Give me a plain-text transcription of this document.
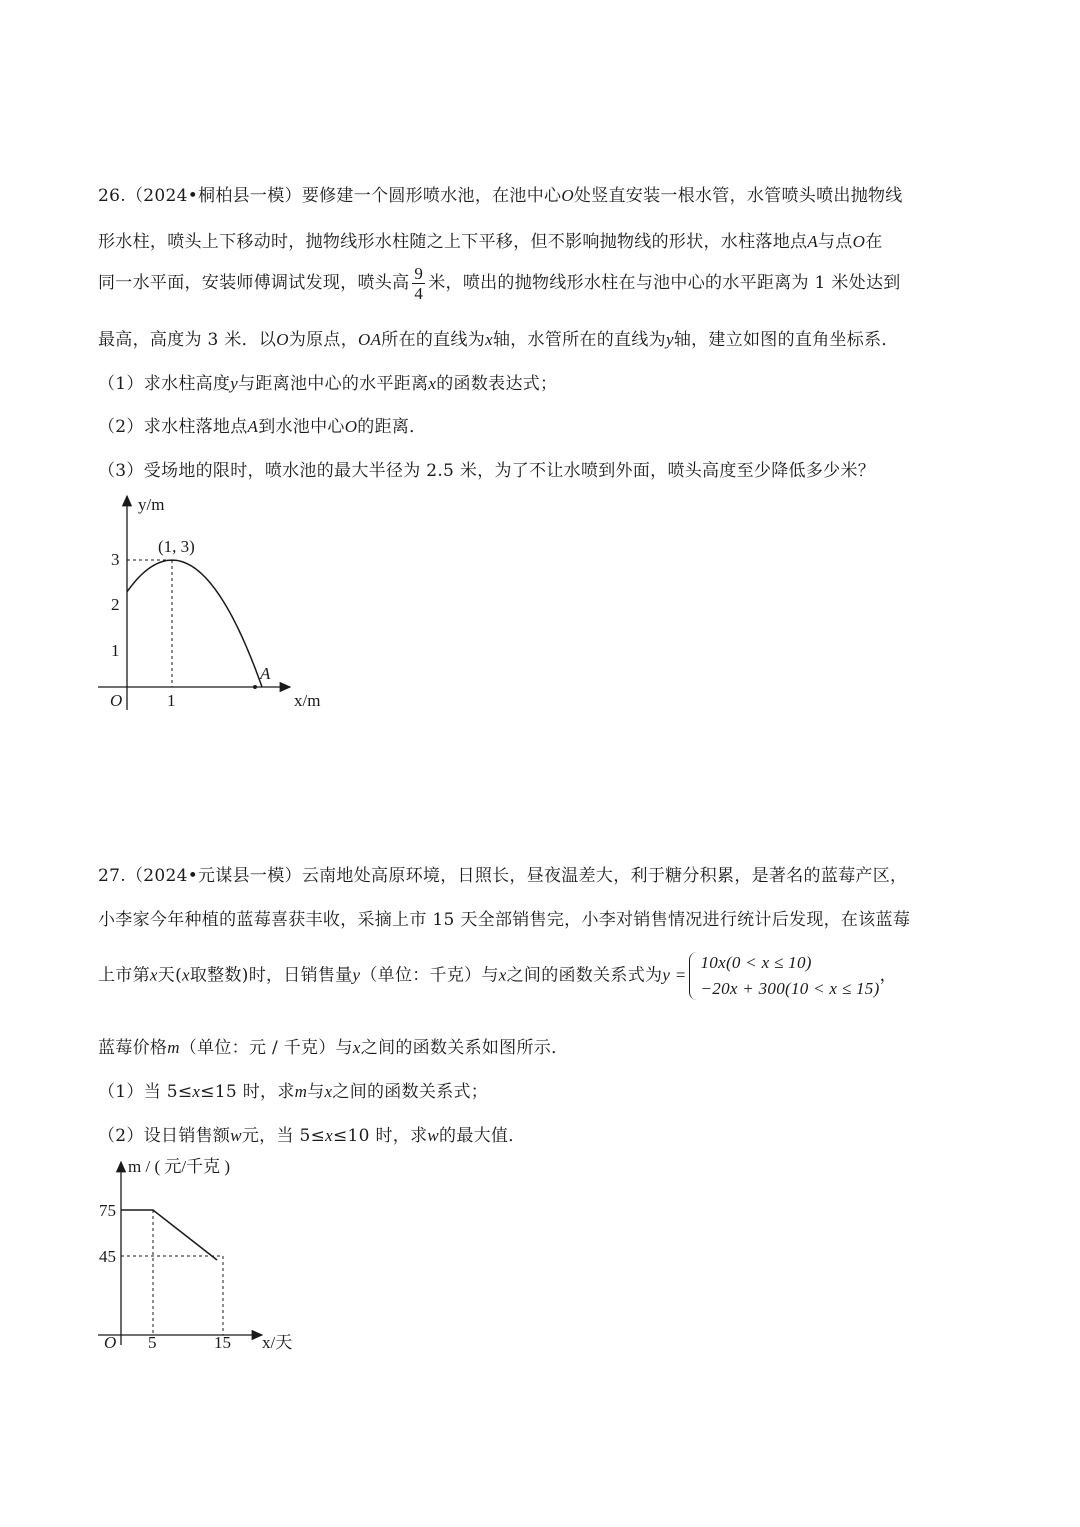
26.（2024•桐柏县一模）要修建一个圆形喷水池，在池中心O处竖直安装一根水管，水管喷头喷出抛物线
形水柱，喷头上下移动时，抛物线形水柱随之上下平移，但不影响抛物线的形状，水柱落地点A与点O在
同一水平面，安装师傅调试发现，喷头高 $\frac{9}{4}$ 米，喷出的抛物线形水柱在与池中心的水平距离为 1 米处达到
最高，高度为 3 米．以O为原点，OA所在的直线为x轴，水管所在的直线为y轴，建立如图的直角坐标系．
（1）求水柱高度y与距离池中心的水平距离x的函数表达式；
（2）求水柱落地点A到水池中心O的距离．
（3）受场地的限时，喷水池的最大半径为 2.5 米，为了不让水喷到外面，喷头高度至少降低多少米？
y/m
x/m
O
1
2
3
1
(1, 3)
A
27.（2024•元谋县一模）云南地处高原环境，日照长，昼夜温差大，利于糖分积累，是著名的蓝莓产区，
小李家今年种植的蓝莓喜获丰收，采摘上市 15 天全部销售完，小李对销售情况进行统计后发现，在该蓝莓
上市第x天(x取整数)时，日销售量y（单位：千克）与x之间的函数关系式为y =
10x(0 < x ≤ 10)
−20x + 300(10 < x ≤ 15)
，
蓝莓价格m（单位：元 / 千克）与x之间的函数关系如图所示．
（1）当 5≤x≤15 时，求m与x之间的函数关系式；
（2）设日销售额w元，当 5≤x≤10 时，求w的最大值．
m / ( 元/千克 )
x/天
O
75
45
5	15
